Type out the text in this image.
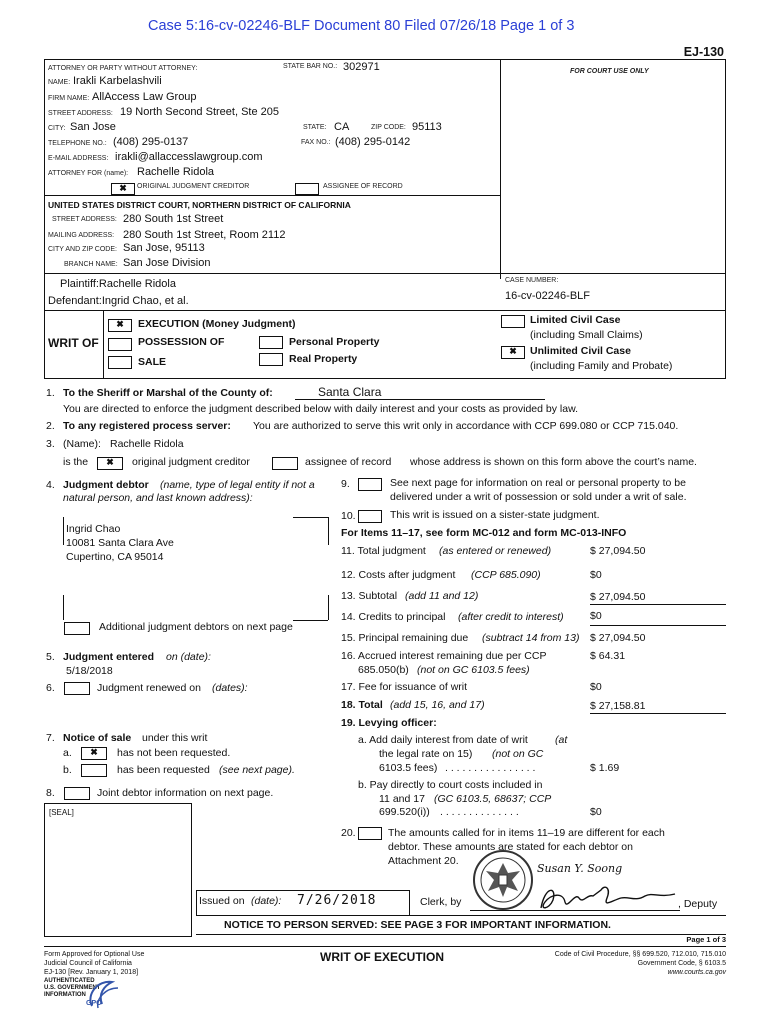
Case 5:16-cv-02246-BLF Document 80 Filed 07/26/18 Page 1 of 3
EJ-130
ATTORNEY OR PARTY WITHOUT ATTORNEY:	STATE BAR NO.: 302971
NAME: Irakli Karbelashvili
FIRM NAME: AllAccess Law Group
STREET ADDRESS: 19 North Second Street, Ste 205
CITY: San Jose	STATE: CA	ZIP CODE: 95113
TELEPHONE NO.: (408) 295-0137	FAX NO.: (408) 295-0142
E-MAIL ADDRESS: irakli@allaccesslawgroup.com
ATTORNEY FOR (name): Rachelle Ridola
✖	ORIGINAL JUDGMENT CREDITOR	ASSIGNEE OF RECORD
FOR COURT USE ONLY
UNITED STATES DISTRICT COURT, NORTHERN DISTRICT OF CALIFORNIA
STREET ADDRESS: 280 South 1st Street
MAILING ADDRESS: 280 South 1st Street, Room 2112
CITY AND ZIP CODE: San Jose, 95113
BRANCH NAME: San Jose Division
Plaintiff:Rachelle Ridola
Defendant:Ingrid Chao, et al.
CASE NUMBER:
16-cv-02246-BLF
WRIT OF
✖	EXECUTION (Money Judgment)
POSSESSION OF	Personal Property
Real Property
SALE
Limited Civil Case
(including Small Claims)
✖	Unlimited Civil Case
(including Family and Probate)
1. To the Sheriff or Marshal of the County of:	Santa Clara
You are directed to enforce the judgment described below with daily interest and your costs as provided by law.
2. To any registered process server: You are authorized to serve this writ only in accordance with CCP 699.080 or CCP 715.040.
3. (Name): Rachelle Ridola
is the	✖	original judgment creditor	assignee of record whose address is shown on this form above the court’s name.
4. Judgment debtor (name, type of legal entity if not a
natural person, and last known address):
Ingrid Chao
10081 Santa Clara Ave
Cupertino, CA 95014
Additional judgment debtors on next page
5. Judgment entered on (date):
5/18/2018
6.	Judgment renewed on (dates):
7. Notice of sale under this writ
a.	✖	has not been requested.
b.	has been requested (see next page).
8.	Joint debtor information on next page.
[SEAL]
9.	See next page for information on real or personal property to be
delivered under a writ of possession or sold under a writ of sale.
10.	This writ is issued on a sister-state judgment.
For Items 11–17, see form MC-012 and form MC-013-INFO
11. Total judgment (as entered or renewed)	$ 27,094.50
12. Costs after judgment (CCP 685.090)	$0
13. Subtotal (add 11 and 12)	$ 27,094.50
14. Credits to principal (after credit to interest)	$0
15. Principal remaining due (subtract 14 from 13) $ 27,094.50
16. Accrued interest remaining due per CCP
685.050(b) (not on GC 6103.5 fees)
$ 64.31
17. Fee for issuance of writ	$0
18. Total (add 15, 16, and 17)	$ 27,158.81
19. Levying officer:
a. Add daily interest from date of writ	(at
the legal rate on 15) (not on GC
6103.5 fees) . . . . . . . . . . . . . . . .	$ 1.69
b. Pay directly to court costs included in
11 and 17 (GC 6103.5, 68637; CCP
699.520(i)) . . . . . . . . . . . . . .	$0
20.	The amounts called for in items 11–19 are different for each
debtor. These amounts are stated for each debtor on
Attachment 20.
Susan Y. Soong
Issued on (date): 7/26/2018	Clerk, by	, Deputy
NOTICE TO PERSON SERVED: SEE PAGE 3 FOR IMPORTANT INFORMATION.
Page 1 of 3
Form Approved for Optional Use
Judicial Council of California
EJ-130 [Rev. January 1, 2018]
WRIT OF EXECUTION	Code of Civil Procedure, §§ 699.520, 712.010, 715.010
Government Code, § 6103.5
www.courts.ca.gov
AUTHENTICATED
U.S. GOVERNMENT
INFORMATION
GPO
